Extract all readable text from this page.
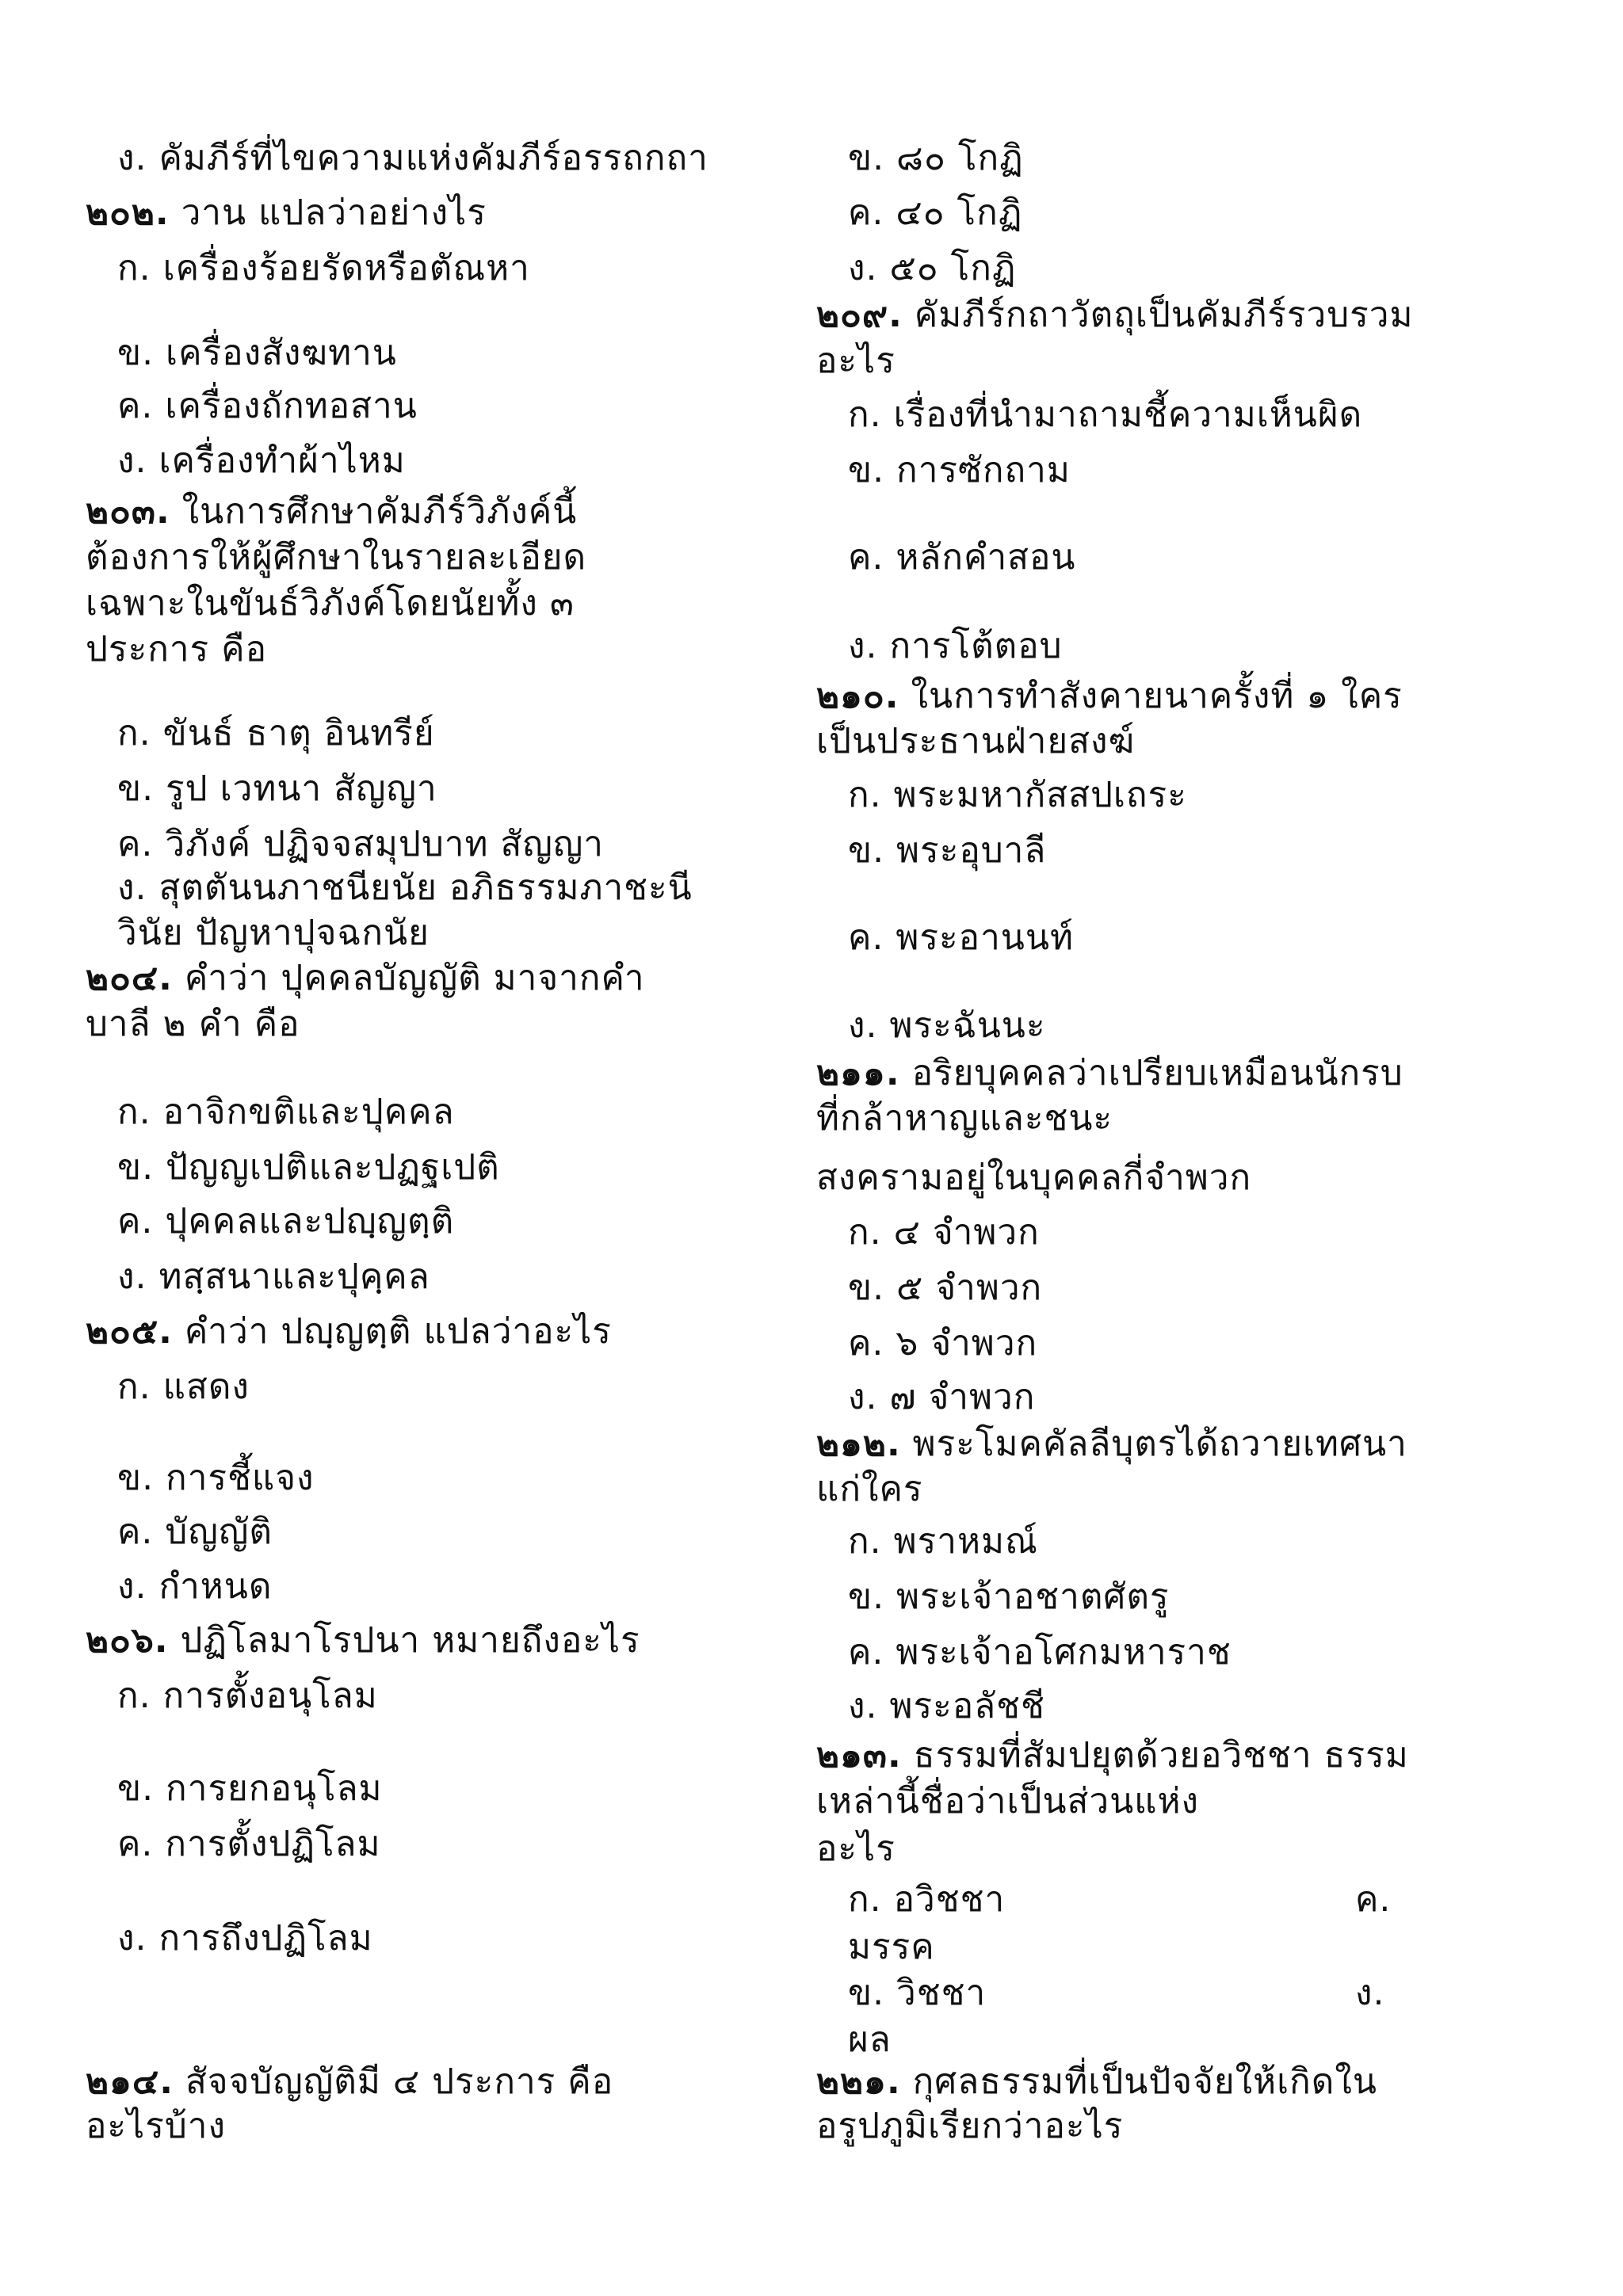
ง. คัมภีร์ที่ไขความแห่งคัมภีร์อรรถกถา
๒๐๒. วาน แปลว่าอย่างไร
ก. เครื่องร้อยรัดหรือตัณหา
ข. เครื่องสังฆทาน
ค. เครื่องถักทอสาน
ง. เครื่องทำผ้าไหม
๒๐๓. ในการศึกษาคัมภีร์วิภังค์นี้
ต้องการให้ผู้ศึกษาในรายละเอียด
เฉพาะในขันธ์วิภังค์โดยนัยทั้ง ๓
ประการ คือ
ก. ขันธ์ ธาตุ อินทรีย์
ข. รูป เวทนา สัญญา
ค. วิภังค์ ปฏิจจสมุปบาท สัญญา
ง. สุตตันนภาชนียนัย อภิธรรมภาชะนี
วินัย ปัญหาปุจฉกนัย
๒๐๔. คำว่า ปุคคลบัญญัติ มาจากคำ
บาลี ๒ คำ คือ
ก. อาจิกขติและปุคคล
ข. ปัญญเปติและปฏฐเปติ
ค. ปุคคลและปญฺญตฺติ
ง. ทสฺสนาและปุคฺคล
๒๐๕. คำว่า ปญฺญตฺติ แปลว่าอะไร
ก. แสดง
ข. การชี้แจง
ค. บัญญัติ
ง. กำหนด
๒๐๖. ปฏิโลมาโรปนา หมายถึงอะไร
ก. การตั้งอนุโลม
ข. การยกอนุโลม
ค. การตั้งปฏิโลม
ง. การถึงปฏิโลม
๒๑๔. สัจจบัญญัติมี ๔ ประการ คือ
อะไรบ้าง
ข. ๘๐ โกฏิ
ค. ๔๐ โกฏิ
ง. ๕๐ โกฏิ
๒๐๙. คัมภีร์กถาวัตถุเป็นคัมภีร์รวบรวม
อะไร
ก. เรื่องที่นำมาถามชี้ความเห็นผิด
ข. การซักถาม
ค. หลักคำสอน
ง. การโต้ตอบ
๒๑๐. ในการทำสังคายนาครั้งที่ ๑ ใคร
เป็นประธานฝ่ายสงฆ์
ก. พระมหากัสสปเถระ
ข. พระอุบาลี
ค. พระอานนท์
ง. พระฉันนะ
๒๑๑. อริยบุคคลว่าเปรียบเหมือนนักรบ
ที่กล้าหาญและชนะ
สงครามอยู่ในบุคคลกี่จำพวก
ก. ๔ จำพวก
ข. ๕ จำพวก
ค. ๖ จำพวก
ง. ๗ จำพวก
๒๑๒. พระโมคคัลลีบุตรได้ถวายเทศนา
แก่ใคร
ก. พราหมณ์
ข. พระเจ้าอชาตศัตรู
ค. พระเจ้าอโศกมหาราช
ง. พระอลัชชี
๒๑๓. ธรรมที่สัมปยุตด้วยอวิชชา ธรรม
เหล่านี้ชื่อว่าเป็นส่วนแห่ง
อะไร
ก. อวิชชา	ค.
มรรค
ข. วิชชา	ง.
ผล
๒๒๑. กุศลธรรมที่เป็นปัจจัยให้เกิดใน
อรูปภูมิเรียกว่าอะไร
